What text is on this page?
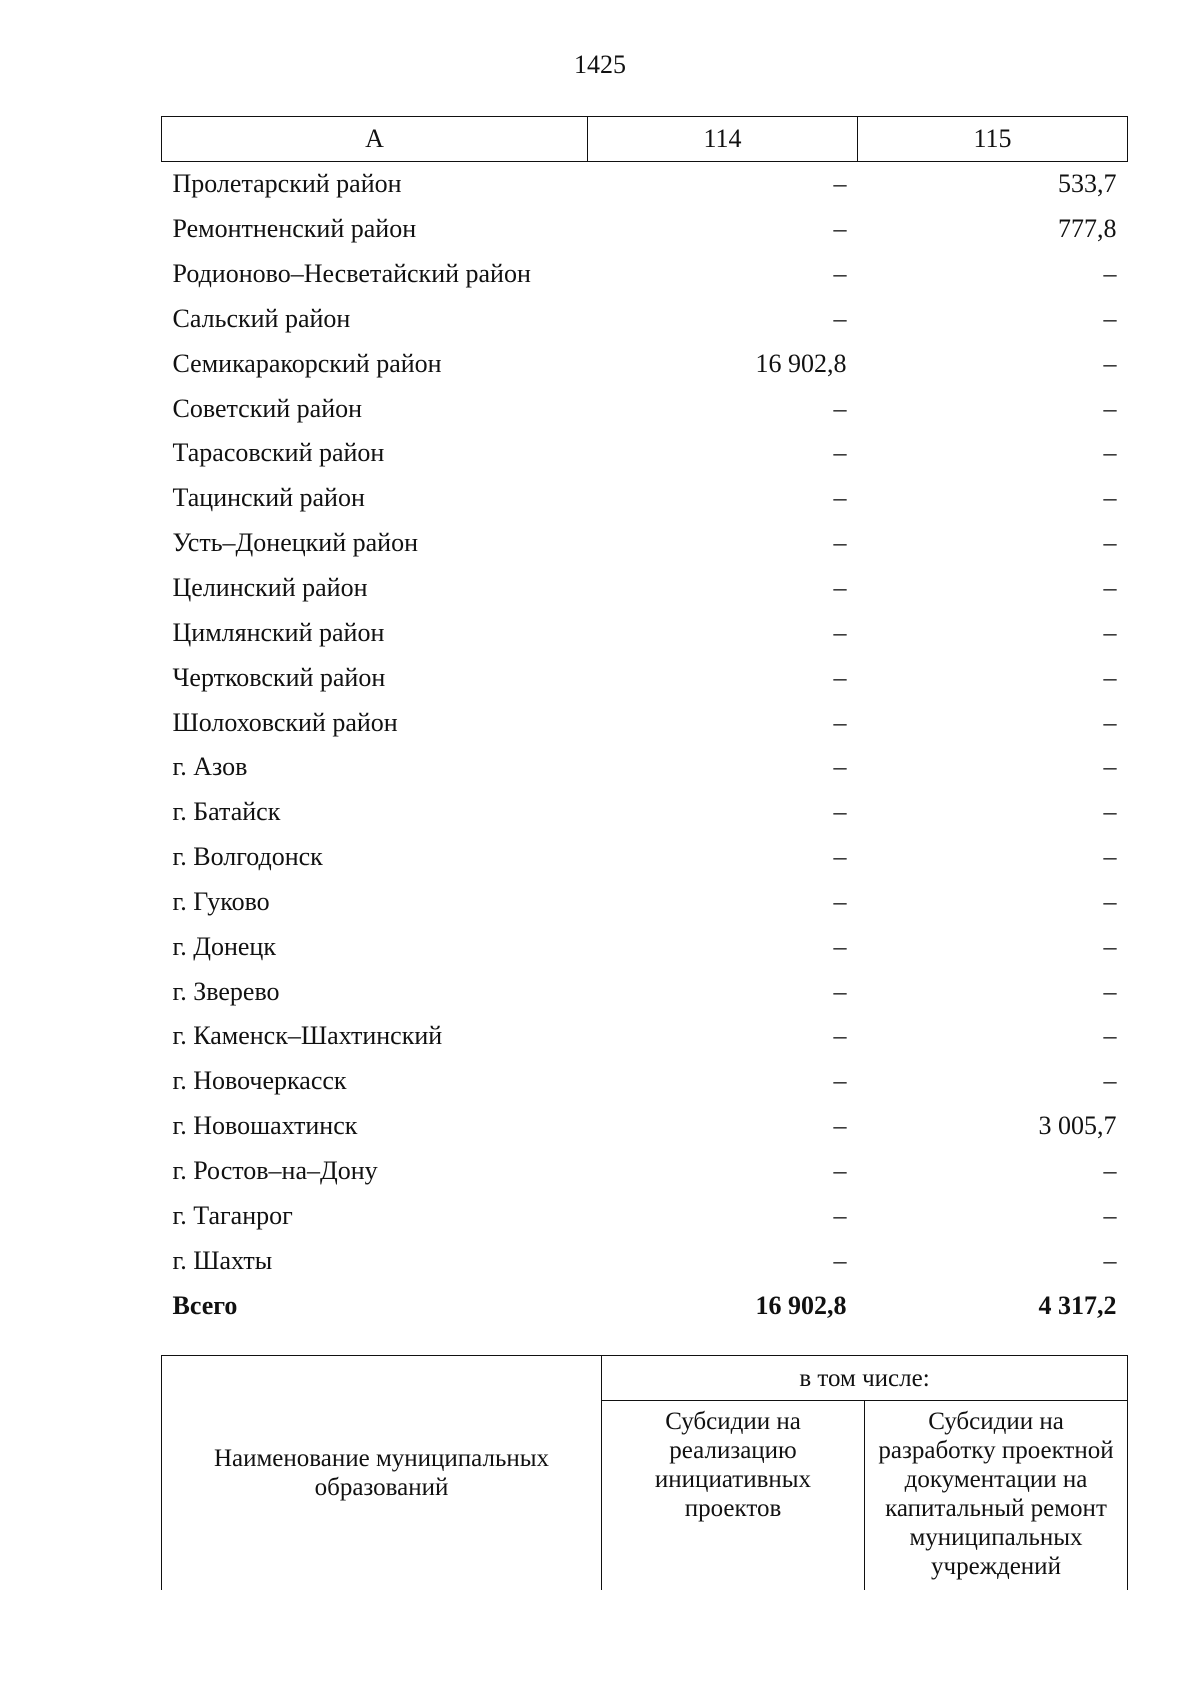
1425
А	114	115
Пролетарский район	–	533,7
Ремонтненский район	–	777,8
Родионово–Несветайский район	–	–
Сальский район	–	–
Семикаракорский район	16 902,8	–
Советский район	–	–
Тарасовский район	–	–
Тацинский район	–	–
Усть–Донецкий район	–	–
Целинский район	–	–
Цимлянский район	–	–
Чертковский район	–	–
Шолоховский район	–	–
г. Азов	–	–
г. Батайск	–	–
г. Волгодонск	–	–
г. Гуково	–	–
г. Донецк	–	–
г. Зверево	–	–
г. Каменск–Шахтинский	–	–
г. Новочеркасск	–	–
г. Новошахтинск	–	3 005,7
г. Ростов–на–Дону	–	–
г. Таганрог	–	–
г. Шахты	–	–
Всего	16 902,8	4 317,2
Наименование муниципальных образований	в том числе:	
	Субсидии на реализацию инициативных проектов	Субсидии на разработку проектной документации на капитальный ремонт муниципальных учреждений
